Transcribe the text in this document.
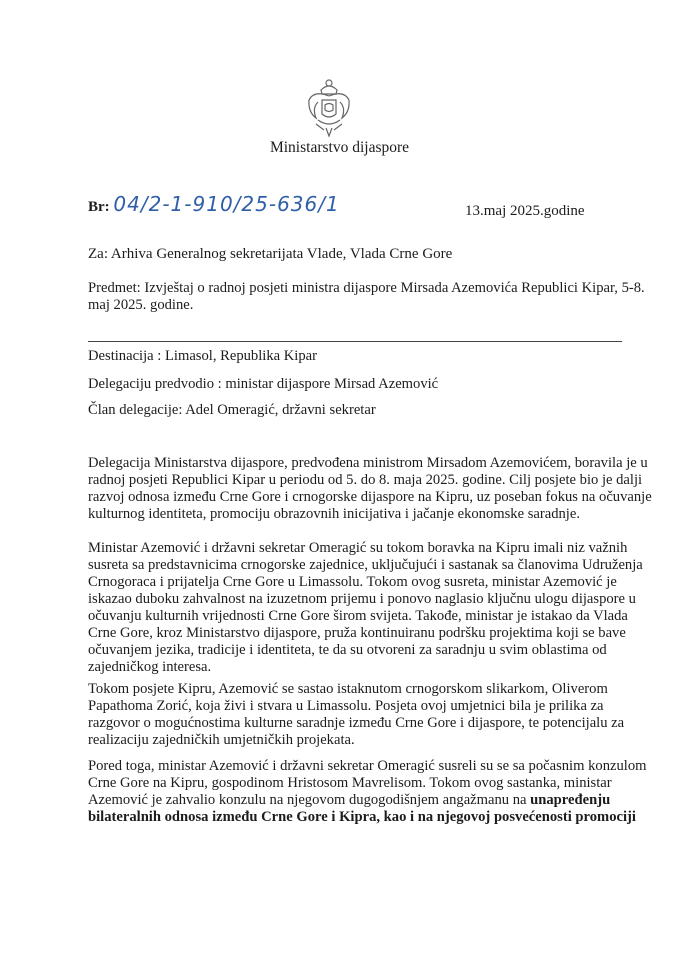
Ministarstvo dijaspore
Br: 04/2-1-910/25-636/1	13.maj 2025.godine
Za: Arhiva Generalnog sekretarijata Vlade, Vlada Crne Gore
Predmet: Izvještaj o radnoj posjeti ministra dijaspore Mirsada Azemovića Republici Kipar, 5-8.
maj 2025. godine.
Destinacija : Limasol, Republika Kipar
Delegaciju predvodio : ministar dijaspore Mirsad Azemović
Član delegacije: Adel Omeragić, državni sekretar
Delegacija Ministarstva dijaspore, predvođena ministrom Mirsadom Azemovićem, boravila je u
radnoj posjeti Republici Kipar u periodu od 5. do 8. maja 2025. godine. Cilj posjete bio je dalji
razvoj odnosa između Crne Gore i crnogorske dijaspore na Kipru, uz poseban fokus na očuvanje
kulturnog identiteta, promociju obrazovnih inicijativa i jačanje ekonomske saradnje.
Ministar Azemović i državni sekretar Omeragić su tokom boravka na Kipru imali niz važnih
susreta sa predstavnicima crnogorske zajednice, uključujući i sastanak sa članovima Udruženja
Crnogoraca i prijatelja Crne Gore u Limassolu. Tokom ovog susreta, ministar Azemović je
iskazao duboku zahvalnost na izuzetnom prijemu i ponovo naglasio ključnu ulogu dijaspore u
očuvanju kulturnih vrijednosti Crne Gore širom svijeta. Takođe, ministar je istakao da Vlada
Crne Gore, kroz Ministarstvo dijaspore, pruža kontinuiranu podršku projektima koji se bave
očuvanjem jezika, tradicije i identiteta, te da su otvoreni za saradnju u svim oblastima od
zajedničkog interesa.
Tokom posjete Kipru, Azemović se sastao istaknutom crnogorskom slikarkom, Oliverom
Papathoma Zorić, koja živi i stvara u Limassolu. Posjeta ovoj umjetnici bila je prilika za
razgovor o mogućnostima kulturne saradnje između Crne Gore i dijaspore, te potencijalu za
realizaciju zajedničkih umjetničkih projekata.
Pored toga, ministar Azemović i državni sekretar Omeragić susreli su se sa počasnim konzulom
Crne Gore na Kipru, gospodinom Hristosom Mavrelisom. Tokom ovog sastanka, ministar
Azemović je zahvalio konzulu na njegovom dugogodišnjem angažmanu na unapređenju
bilateralnih odnosa između Crne Gore i Kipra, kao i na njegovoj posvećenosti promociji
